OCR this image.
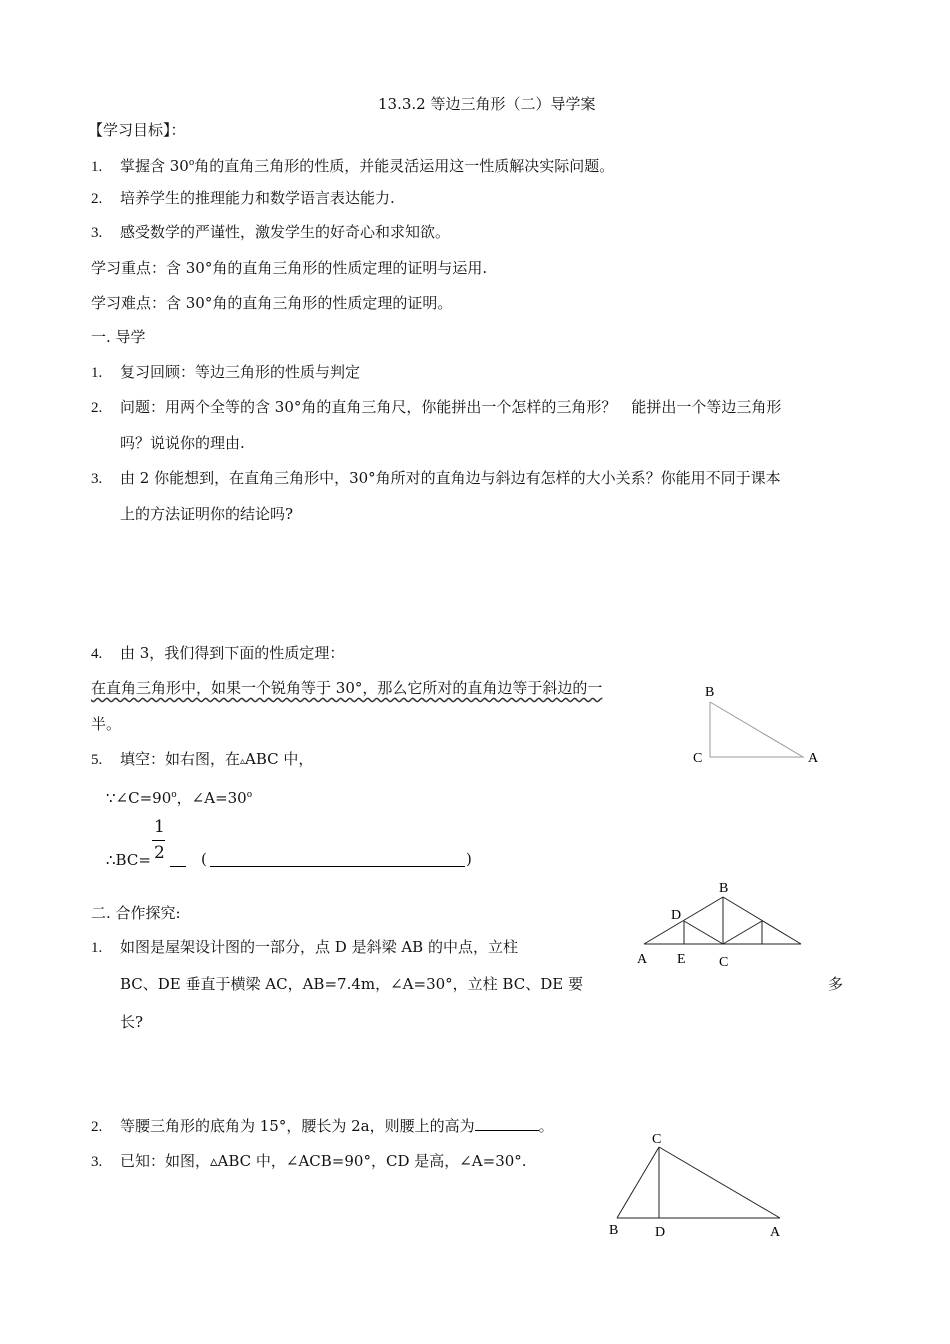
13.3.2 等边三角形（二）导学案
【学习目标】：
1. 掌握含 30$^o$角的直角三角形的性质，并能灵活运用这一性质解决实际问题。
2. 培养学生的推理能力和数学语言表达能力.
3. 感受数学的严谨性，激发学生的好奇心和求知欲。
学习重点：含 30°角的直角三角形的性质定理的证明与运用.
学习难点：含 30°角的直角三角形的性质定理的证明。
一. 导学
1. 复习回顾：等边三角形的性质与判定
2. 问题：用两个全等的含 30°角的直角三角尺，你能拼出一个怎样的三角形？　能拼出一个等边三角形
吗？说说你的理由.
3. 由 2 你能想到，在直角三角形中，30°角所对的直角边与斜边有怎样的大小关系？你能用不同于课本
上的方法证明你的结论吗?
4. 由 3，我们得到下面的性质定理：
在直角三角形中，如果一个锐角等于 30°，那么它所对的直角边等于斜边的一
半。
5. 填空：如右图，在▵ABC 中，
$\because\angle C=90^o$，$\angle A=30^o$
1
2
∴BC=	(	)
B
C	A
二. 合作探究:
1. 如图是屋架设计图的一部分，点 D 是斜梁 AB 的中点，立柱
BC、DE 垂直于横梁 AC，AB=7.4m，∠A=30°，立柱 BC、DE 要	多
长?
B
D
A E C
2. 等腰三角形的底角为 15°，腰长为 2a，则腰上的高为	。
3. 已知：如图，▵ABC 中，∠ACB=90°，CD 是高，∠A=30°.
C
B	D	A
